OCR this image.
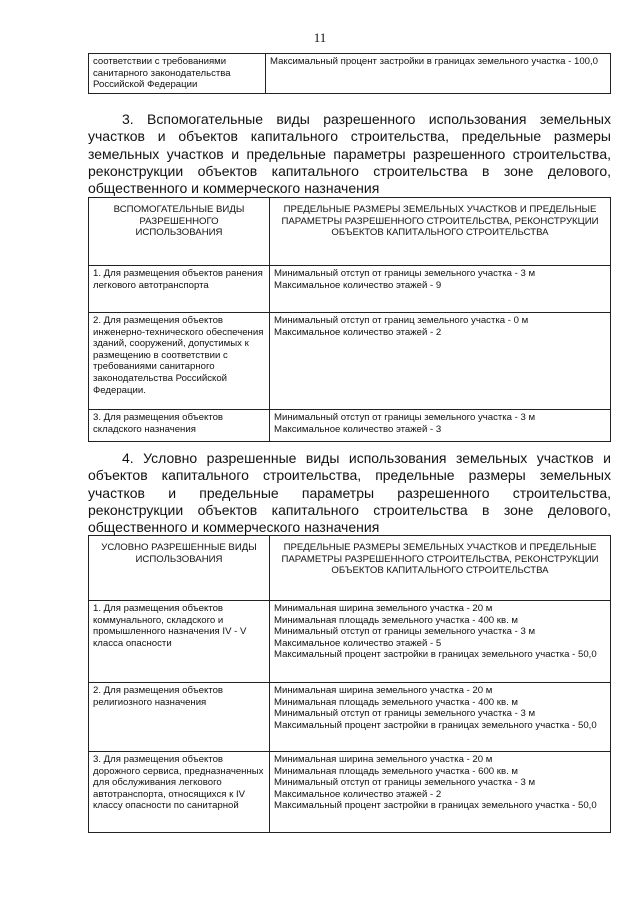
11
соответствии с требованиями санитарного законодательства Российской Федерации	Максимальный процент застройки в границах земельного участка - 100,0
3. Вспомогательные виды разрешенного использования земельных участков и объектов капитального строительства, предельные размеры земельных участков и предельные параметры разрешенного строительства, реконструкции объектов капитального строительства в зоне делового, общественного и коммерческого назначения
ВСПОМОГАТЕЛЬНЫЕ ВИДЫ РАЗРЕШЕННОГО ИСПОЛЬЗОВАНИЯ	ПРЕДЕЛЬНЫЕ РАЗМЕРЫ ЗЕМЕЛЬНЫХ УЧАСТКОВ И ПРЕДЕЛЬНЫЕ ПАРАМЕТРЫ РАЗРЕШЕННОГО СТРОИТЕЛЬСТВА, РЕКОНСТРУКЦИИ ОБЪЕКТОВ КАПИТАЛЬНОГО СТРОИТЕЛЬСТВА
1. Для размещения объектов ранения легкового автотранспорта	Минимальный отступ от границы земельного участка - 3 м
Максимальное количество этажей - 9

2. Для размещения объектов инженерно-технического обеспечения зданий, сооружений, допустимых к размещению в соответствии с требованиями санитарного законодательства Российской Федерации.	Минимальный отступ от границ земельного участка - 0 м
Максимальное количество этажей - 2

3. Для размещения объектов складского назначения	Минимальный отступ от границы земельного участка - 3 м
Максимальное количество этажей - 3
4. Условно разрешенные виды использования земельных участков и объектов капитального строительства, предельные размеры земельных участков и предельные параметры разрешенного строительства, реконструкции объектов капитального строительства в зоне делового, общественного и коммерческого назначения
УСЛОВНО РАЗРЕШЕННЫЕ ВИДЫ ИСПОЛЬЗОВАНИЯ	ПРЕДЕЛЬНЫЕ РАЗМЕРЫ ЗЕМЕЛЬНЫХ УЧАСТКОВ И ПРЕДЕЛЬНЫЕ ПАРАМЕТРЫ РАЗРЕШЕННОГО СТРОИТЕЛЬСТВА, РЕКОНСТРУКЦИИ ОБЪЕКТОВ КАПИТАЛЬНОГО СТРОИТЕЛЬСТВА
1. Для размещения объектов коммунального, складского и промышленного назначения IV - V класса опасности	Минимальная ширина земельного участка - 20 м
Минимальная площадь земельного участка - 400 кв. м
Минимальный отступ от границы земельного участка - 3 м
Максимальное количество этажей - 5
Максимальный процент застройки в границах земельного участка - 50,0

2. Для размещения объектов религиозного назначения	Минимальная ширина земельного участка - 20 м
Минимальная площадь земельного участка - 400 кв. м
Минимальный отступ от границы земельного участка - 3 м
Максимальный процент застройки в границах земельного участка - 50,0

3. Для размещения объектов дорожного сервиса, предназначенных для обслуживания легкового автотранспорта, относящихся к IV классу опасности по санитарной	Минимальная ширина земельного участка - 20 м
Минимальная площадь земельного участка - 600 кв. м
Минимальный отступ от границы земельного участка - 3 м
Максимальное количество этажей - 2
Максимальный процент застройки в границах земельного участка - 50,0
